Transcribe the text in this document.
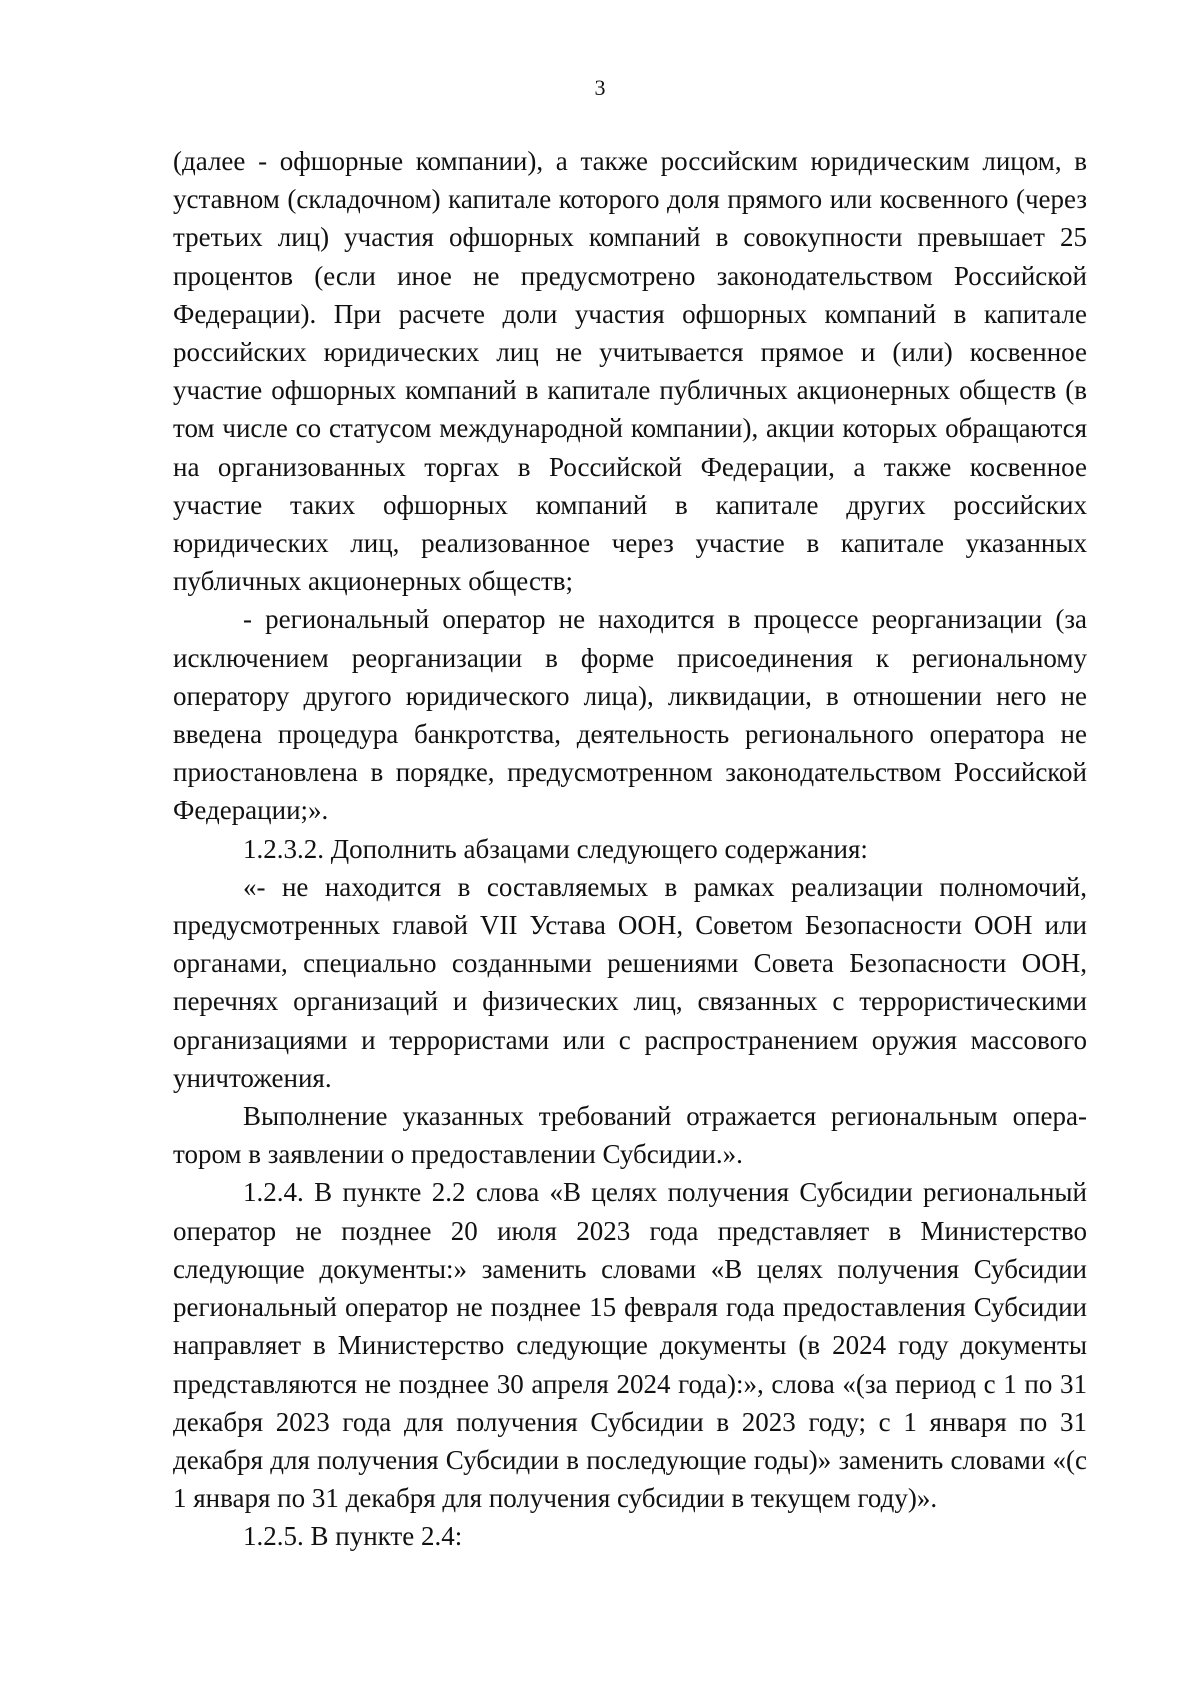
3

(далее - офшорные компании), а также российским юридическим лицом, в уставном (складочном) капитале которого доля прямого или косвенного (через третьих лиц) участия офшорных компаний в совокупности превышает 25 процентов (если иное не предусмотрено законодательством Российской Федерации). При расчете доли участия офшорных компаний в капитале российских юридических лиц не учитывается прямое и (или) косвенное участие офшорных компаний в капитале публичных акционерных обществ (в том числе со статусом международной компании), акции которых обращаются на организованных торгах в Российской Федерации, а также косвенное участие таких офшорных компаний в капитале других российских юридических лиц, реализованное через участие в капитале указанных публичных акционерных обществ;

- региональный оператор не находится в процессе реорганизации (за исключением реорганизации в форме присоединения к региональному оператору другого юридического лица), ликвидации, в отношении него не введена процедура банкротства, деятельность регионального оператора не приостановлена в порядке, предусмотренном законодательством Российской Федерации;».

1.2.3.2. Дополнить абзацами следующего содержания:

«- не находится в составляемых в рамках реализации полномочий, предусмотренных главой VII Устава ООН, Советом Безопасности ООН или органами, специально созданными решениями Совета Безопасности ООН, перечнях организаций и физических лиц, связанных с террористическими организациями и террористами или с распространением оружия массового уничтожения.

Выполнение указанных требований отражается региональным оператором в заявлении о предоставлении Субсидии.».

1.2.4. В пункте 2.2 слова «В целях получения Субсидии региональный оператор не позднее 20 июля 2023 года представляет в Министерство следующие документы:» заменить словами «В целях получения Субсидии региональный оператор не позднее 15 февраля года предоставления Субсидии направляет в Министерство следующие документы (в 2024 году документы представляются не позднее 30 апреля 2024 года):», слова «(за период с 1 по 31 декабря 2023 года для получения Субсидии в 2023 году; с 1 января по 31 декабря для получения Субсидии в последующие годы)» заменить словами «(с 1 января по 31 декабря для получения субсидии в текущем году)».

1.2.5. В пункте 2.4:
